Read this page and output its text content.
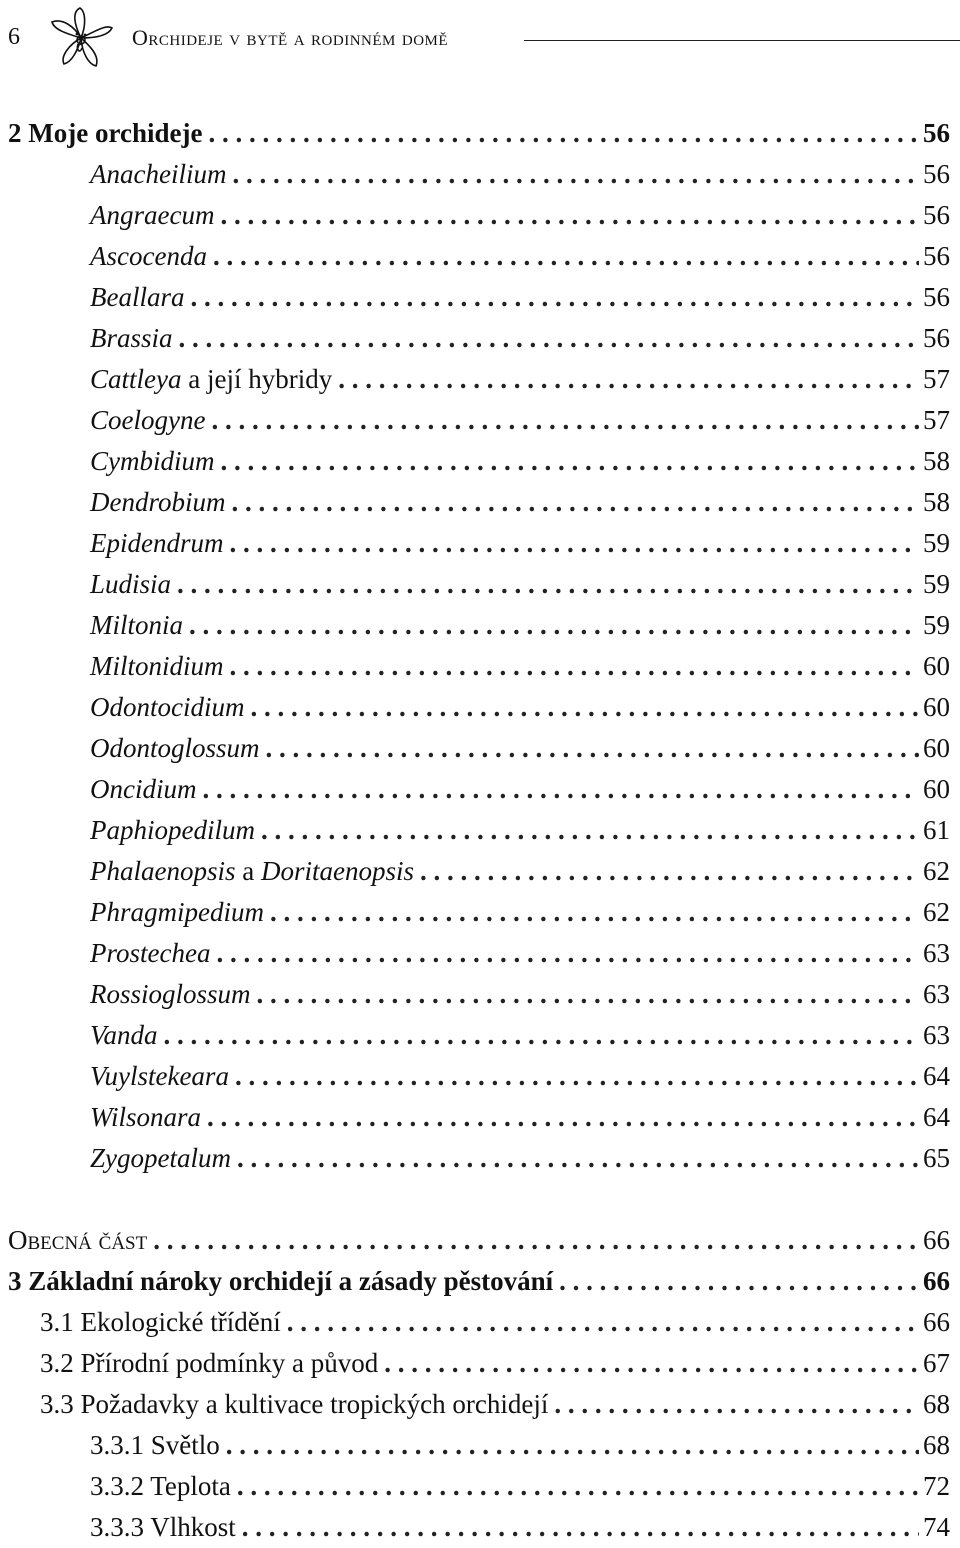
6	Orchideje v bytě a rodinném domě
2 Moje orchideje . . .	56
Anacheilium . . .	56
Angraecum . . .	56
Ascocenda . . .	56
Beallara . . .	56
Brassia . . .	56
Cattleya a její hybridy . . .	57
Coelogyne . . .	57
Cymbidium . . .	58
Dendrobium . . .	58
Epidendrum . . .	59
Ludisia . . .	59
Miltonia . . .	59
Miltonidium . . .	60
Odontocidium . . .	60
Odontoglossum . . .	60
Oncidium . . .	60
Paphiopedilum . . .	61
Phalaenopsis a Doritaenopsis . . .	62
Phragmipedium . . .	62
Prostechea . . .	63
Rossioglossum . . .	63
Vanda . . .	63
Vuylstekeara . . .	64
Wilsonara . . .	64
Zygopetalum . . .	65
Obecná část . . .	66
3 Základní nároky orchidejí a zásady pěstování . . .	66
3.1 Ekologické třídění . . .	66
3.2 Přírodní podmínky a původ . . .	67
3.3 Požadavky a kultivace tropických orchidejí . . .	68
3.3.1 Světlo . . .	68
3.3.2 Teplota . . .	72
3.3.3 Vlhkost . . .	74
